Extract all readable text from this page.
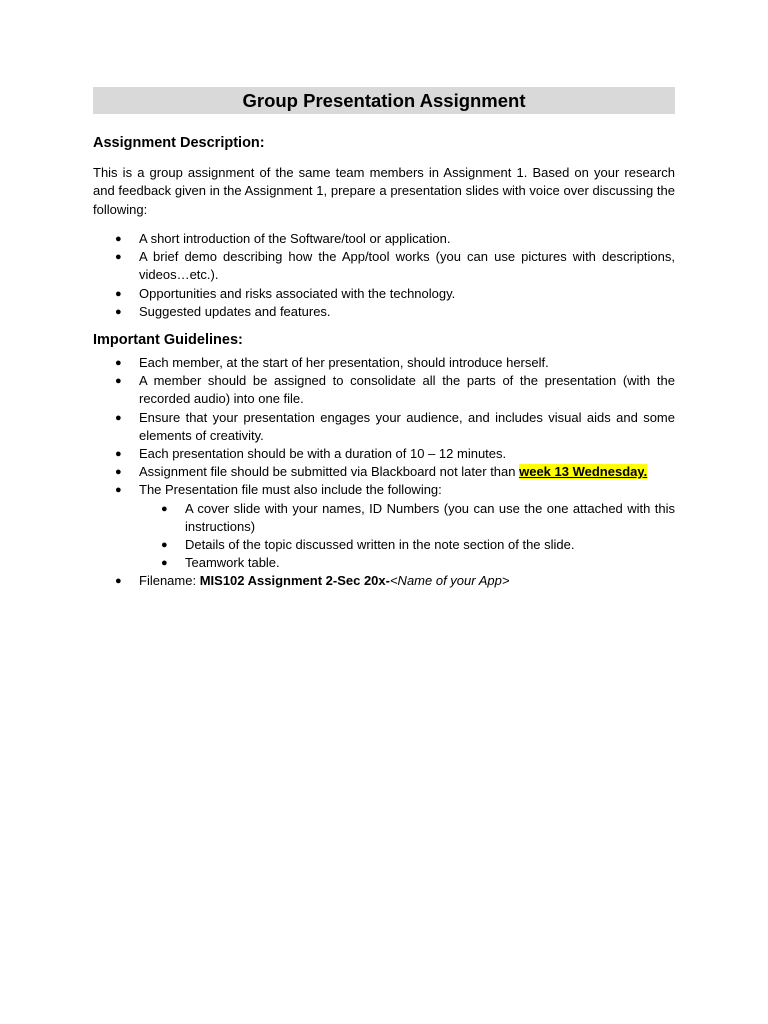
Group Presentation Assignment
Assignment Description:
This is a group assignment of the same team members in Assignment 1. Based on your research and feedback given in the Assignment 1, prepare a presentation slides with voice over discussing the following:
● A short introduction of the Software/tool or application.
● A brief demo describing how the App/tool works (you can use pictures with descriptions, videos…etc.).
● Opportunities and risks associated with the technology.
● Suggested updates and features.
Important Guidelines:
● Each member, at the start of her presentation, should introduce herself.
● A member should be assigned to consolidate all the parts of the presentation (with the recorded audio) into one file.
● Ensure that your presentation engages your audience, and includes visual aids and some elements of creativity.
● Each presentation should be with a duration of 10 – 12 minutes.
● Assignment file should be submitted via Blackboard not later than week 13 Wednesday.
● The Presentation file must also include the following:
● A cover slide with your names, ID Numbers (you can use the one attached with this instructions)
● Details of the topic discussed written in the note section of the slide.
● Teamwork table.
● Filename: MIS102 Assignment 2-Sec 20x-<Name of your App>
